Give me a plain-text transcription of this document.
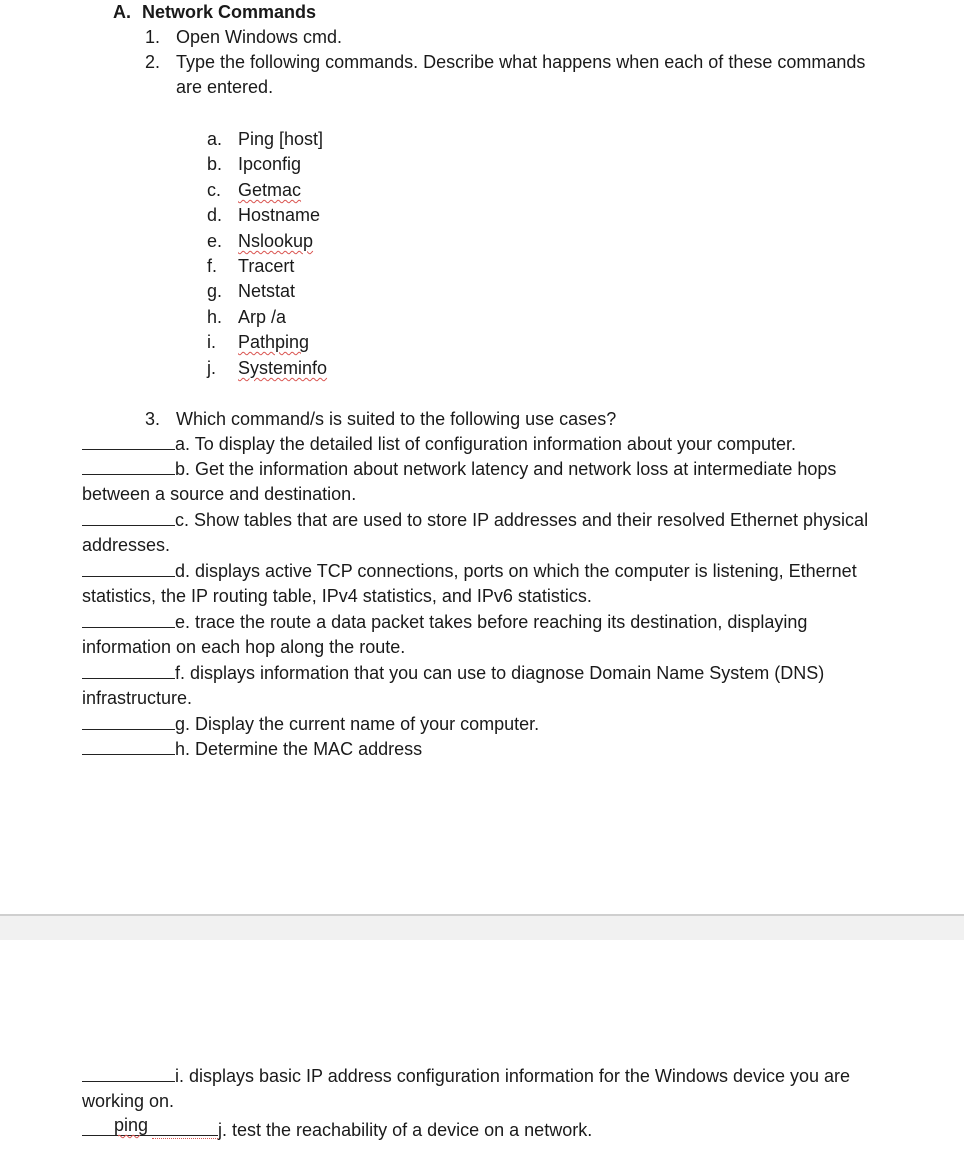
A. Network Commands
1. Open Windows cmd.
2. Type the following commands. Describe what happens when each of these commands
are entered.
a. Ping [host]
b. Ipconfig
c. Getmac
d. Hostname
e. Nslookup
f. Tracert
g. Netstat
h. Arp /a
i. Pathping
j. Systeminfo
3. Which command/s is suited to the following use cases?
a. To display the detailed list of configuration information about your computer.
b. Get the information about network latency and network loss at intermediate hops
between a source and destination.
c. Show tables that are used to store IP addresses and their resolved Ethernet physical
addresses.
d. displays active TCP connections, ports on which the computer is listening, Ethernet
statistics, the IP routing table, IPv4 statistics, and IPv6 statistics.
e. trace the route a data packet takes before reaching its destination, displaying
information on each hop along the route.
f. displays information that you can use to diagnose Domain Name System (DNS)
infrastructure.
g. Display the current name of your computer.
h. Determine the MAC address
i. displays basic IP address configuration information for the Windows device you are
working on.
ping	j. test the reachability of a device on a network.
